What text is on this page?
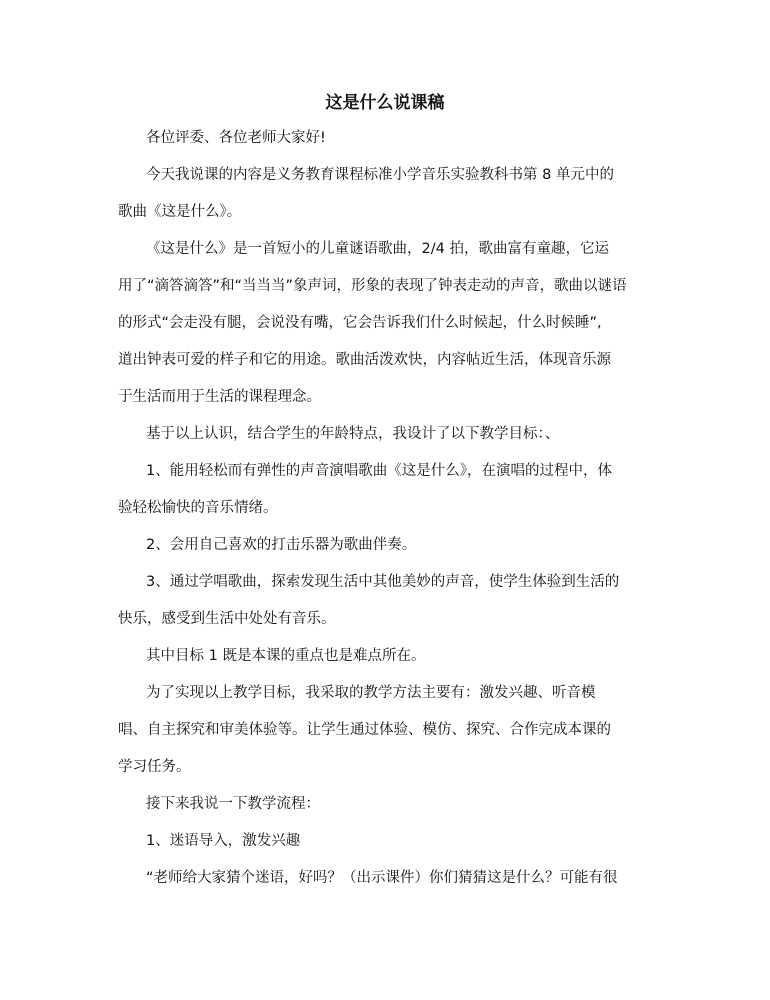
这是什么说课稿
各位评委、各位老师大家好!
今天我说课的内容是义务教育课程标准小学音乐实验教科书第 8 单元中的
歌曲《这是什么》。
《这是什么》是一首短小的儿童谜语歌曲，2/4 拍，歌曲富有童趣，它运
用了“滴答滴答”和“当当当”象声词，形象的表现了钟表走动的声音，歌曲以谜语
的形式“会走没有腿，会说没有嘴，它会告诉我们什么时候起，什么时候睡”,
道出钟表可爱的样子和它的用途。歌曲活泼欢快，内容帖近生活，体现音乐源
于生活而用于生活的课程理念。
基于以上认识，结合学生的年龄特点，我设计了以下教学目标：、
1、能用轻松而有弹性的声音演唱歌曲《这是什么》，在演唱的过程中，体
验轻松愉快的音乐情绪。
2、会用自己喜欢的打击乐器为歌曲伴奏。
3、通过学唱歌曲，探索发现生活中其他美妙的声音，使学生体验到生活的
快乐，感受到生活中处处有音乐。
其中目标 1 既是本课的重点也是难点所在。
为了实现以上教学目标，我采取的教学方法主要有：激发兴趣、听音模
唱、自主探究和审美体验等。让学生通过体验、模仿、探究、合作完成本课的
学习任务。
接下来我说一下教学流程：
1、迷语导入，激发兴趣
“老师给大家猜个迷语，好吗？（出示课件）你们猜猜这是什么？可能有很
